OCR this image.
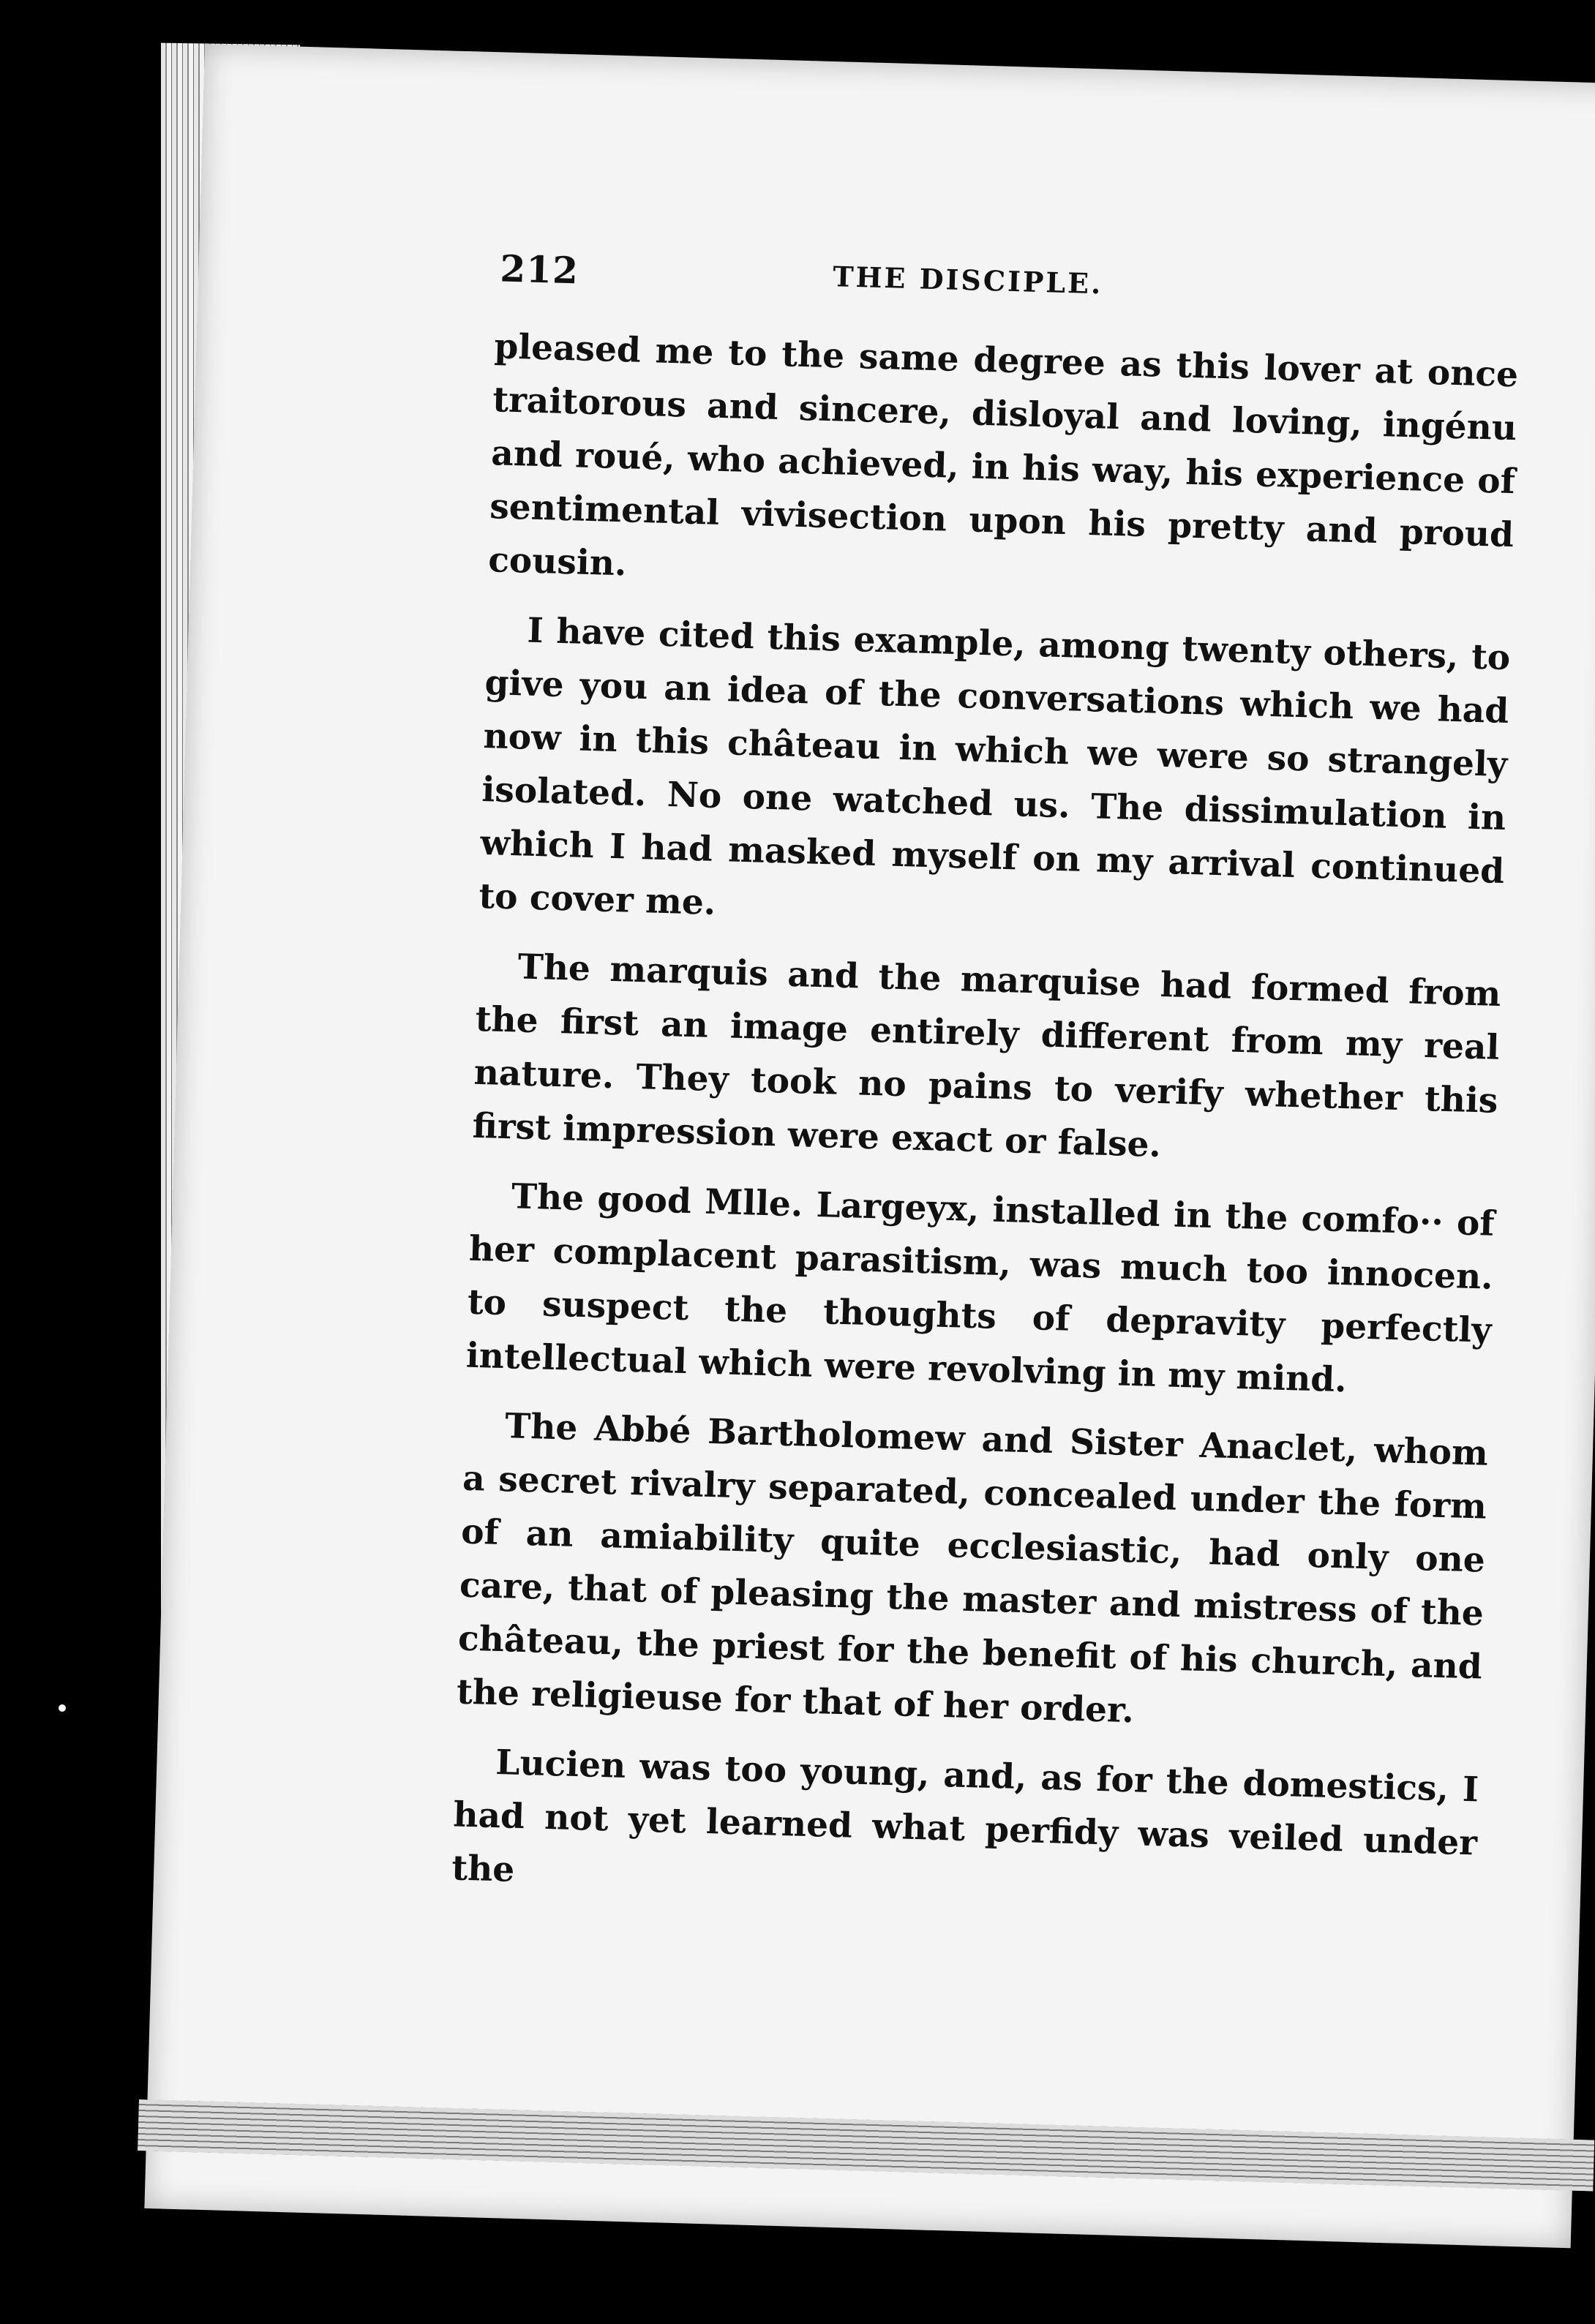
212	THE DISCIPLE.

pleased me to the same degree as this lover at once traitorous and sincere, disloyal and loving, ingénu and roué, who achieved, in his way, his experience of sentimental vivisection upon his pretty and proud cousin.

I have cited this example, among twenty others, to give you an idea of the conversations which we had now in this château in which we were so strangely isolated. No one watched us. The dissimulation in which I had masked myself on my arrival continued to cover me.

The marquis and the marquise had formed from the first an image entirely different from my real nature. They took no pains to verify whether this first impression were exact or false.

The good Mlle. Largeyx, installed in the comfo·· of her complacent parasitism, was much too innocen. to suspect the thoughts of depravity perfectly intellectual which were revolving in my mind.

The Abbé Bartholomew and Sister Anaclet, whom a secret rivalry separated, concealed under the form of an amiability quite ecclesiastic, had only one care, that of pleasing the master and mistress of the château, the priest for the benefit of his church, and the religieuse for that of her order.

Lucien was too young, and, as for the domestics, I had not yet learned what perfidy was veiled under the
